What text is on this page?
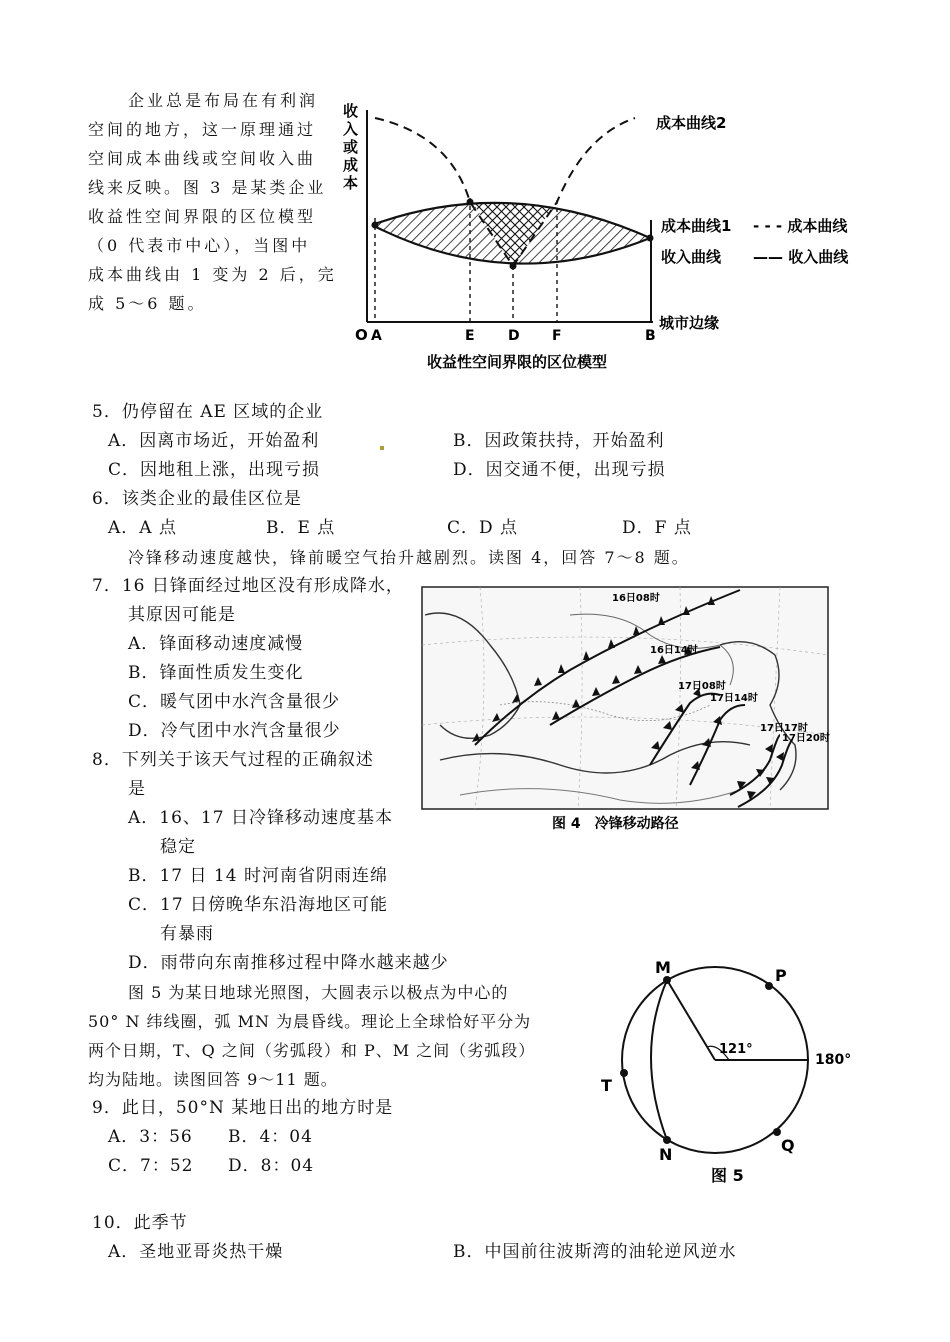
企业总是布局在有利润
空间的地方，这一原理通过
空间成本曲线或空间收入曲
线来反映。图 3 是某类企业
收益性空间界限的区位模型
（0 代表市中心），当图中
成本曲线由 1 变为 2 后，完
成 5～6 题。
收
入
或
成
本
成本曲线2
成本曲线1
收入曲线
- - - 成本曲线
—— 收入曲线
城市边缘
O A	E D F	B
收益性空间界限的区位模型
5．仍停留在 AE 区域的企业
A．因离市场近，开始盈利	B．因政策扶持，开始盈利
C．因地租上涨，出现亏损	D．因交通不便，出现亏损
6．该类企业的最佳区位是
A．A 点	B．E 点	C．D 点	D．F 点
冷锋移动速度越快，锋前暖空气抬升越剧烈。读图 4，回答 7～8 题。
7．16 日锋面经过地区没有形成降水，
其原因可能是
A．锋面移动速度减慢
B．锋面性质发生变化
C．暖气团中水汽含量很少
D．冷气团中水汽含量很少
16日08时
16日14时
17日08时
17日14时
17日17时
17日20时
图 4　冷锋移动路径
8．下列关于该天气过程的正确叙述
是
A．16、17 日冷锋移动速度基本
稳定
B．17 日 14 时河南省阴雨连绵
C．17 日傍晚华东沿海地区可能
有暴雨
D．雨带向东南推移过程中降水越来越少
图 5 为某日地球光照图，大圆表示以极点为中心的
50° N 纬线圈，弧 MN 为晨昏线。理论上全球恰好平分为
两个日期，T、Q 之间（劣弧段）和 P、M 之间（劣弧段）
均为陆地。读图回答 9～11 题。
M	P
T
N	Q
121°
180°
图 5
9．此日，50°N 某地日出的地方时是
A．3：56 B．4：04
C．7：52 D．8：04
10．此季节
A．圣地亚哥炎热干燥	B．中国前往波斯湾的油轮逆风逆水
